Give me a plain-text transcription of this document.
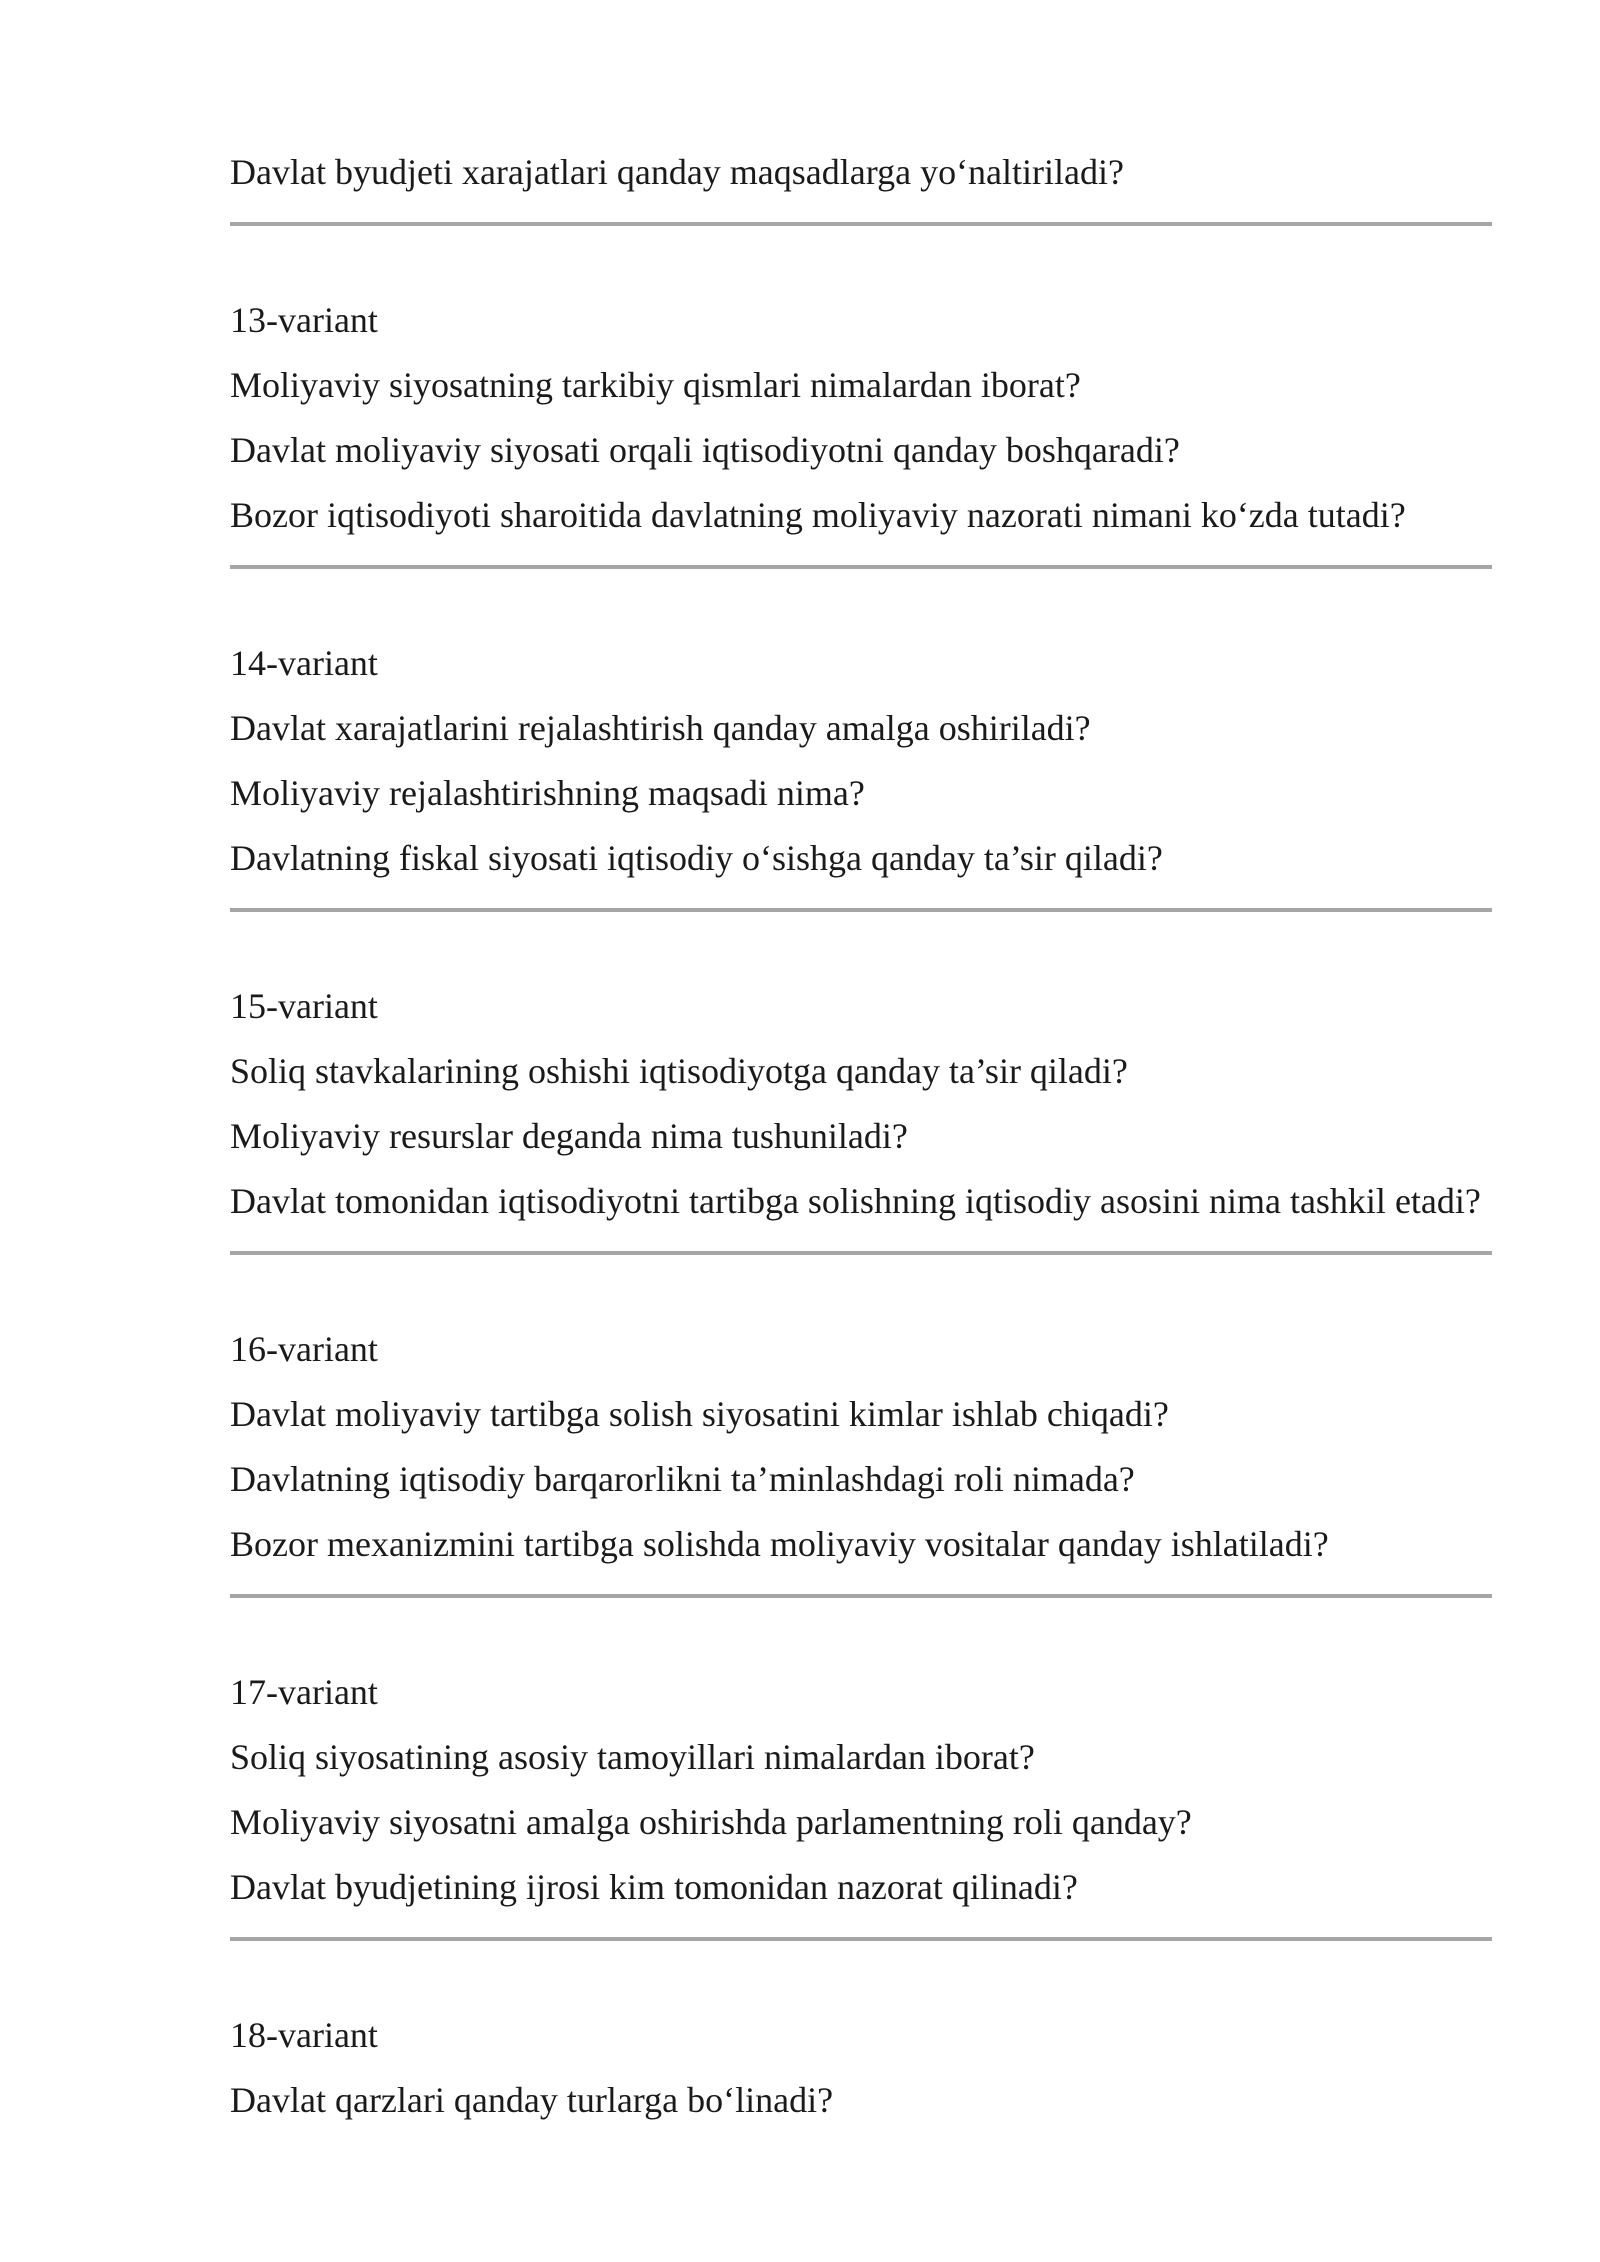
Davlat byudjeti xarajatlari qanday maqsadlarga yo‘naltiriladi?

13-variant

Moliyaviy siyosatning tarkibiy qismlari nimalardan iborat?

Davlat moliyaviy siyosati orqali iqtisodiyotni qanday boshqaradi?

Bozor iqtisodiyoti sharoitida davlatning moliyaviy nazorati nimani ko‘zda tutadi?

14-variant

Davlat xarajatlarini rejalashtirish qanday amalga oshiriladi?

Moliyaviy rejalashtirishning maqsadi nima?

Davlatning fiskal siyosati iqtisodiy o‘sishga qanday ta’sir qiladi?

15-variant

Soliq stavkalarining oshishi iqtisodiyotga qanday ta’sir qiladi?

Moliyaviy resurslar deganda nima tushuniladi?

Davlat tomonidan iqtisodiyotni tartibga solishning iqtisodiy asosini nima tashkil etadi?

16-variant

Davlat moliyaviy tartibga solish siyosatini kimlar ishlab chiqadi?

Davlatning iqtisodiy barqarorlikni ta’minlashdagi roli nimada?

Bozor mexanizmini tartibga solishda moliyaviy vositalar qanday ishlatiladi?

17-variant

Soliq siyosatining asosiy tamoyillari nimalardan iborat?

Moliyaviy siyosatni amalga oshirishda parlamentning roli qanday?

Davlat byudjetining ijrosi kim tomonidan nazorat qilinadi?

18-variant

Davlat qarzlari qanday turlarga bo‘linadi?
